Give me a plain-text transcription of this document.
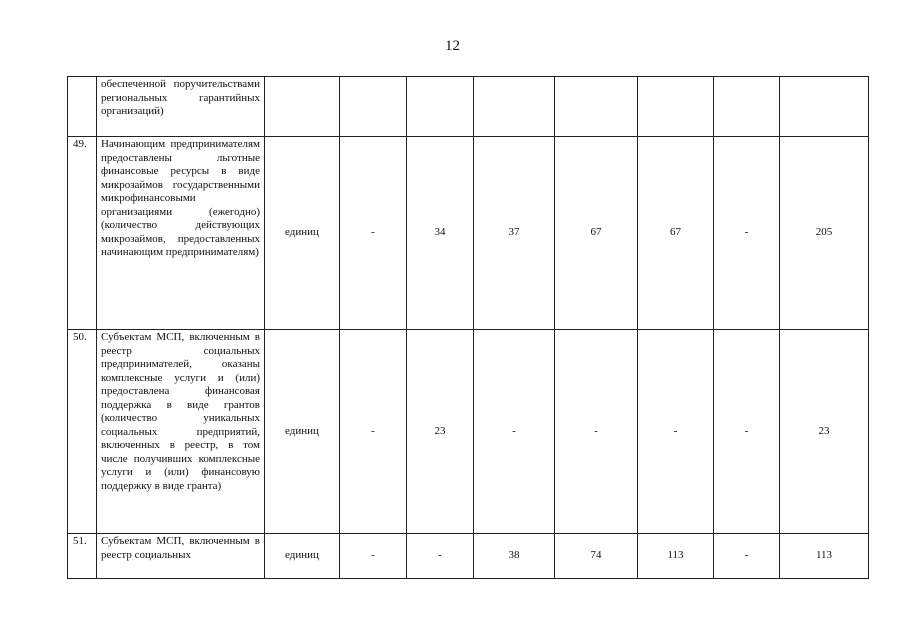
12
	обеспеченной поручительствами региональных гарантийных организаций)								
49.	Начинающим предпринимателям предоставлены льготные финансовые ресурсы в виде микрозаймов государственными микрофинансовыми организациями (ежегодно) (количество действующих микрозаймов, предоставленных начинающим предпринимателям)	единиц	-	34	37	67	67	-	205
50.	Субъектам МСП, включенным в реестр социальных предпринимателей, оказаны комплексные услуги и (или) предоставлена финансовая поддержка в виде грантов (количество уникальных социальных предприятий, включенных в реестр, в том числе получивших комплексные услуги и (или) финансовую поддержку в виде гранта)	единиц	-	23	-	-	-	-	23
51.	Субъектам МСП, включенным в реестр социальных	единиц	-	-	38	74	113	-	113
